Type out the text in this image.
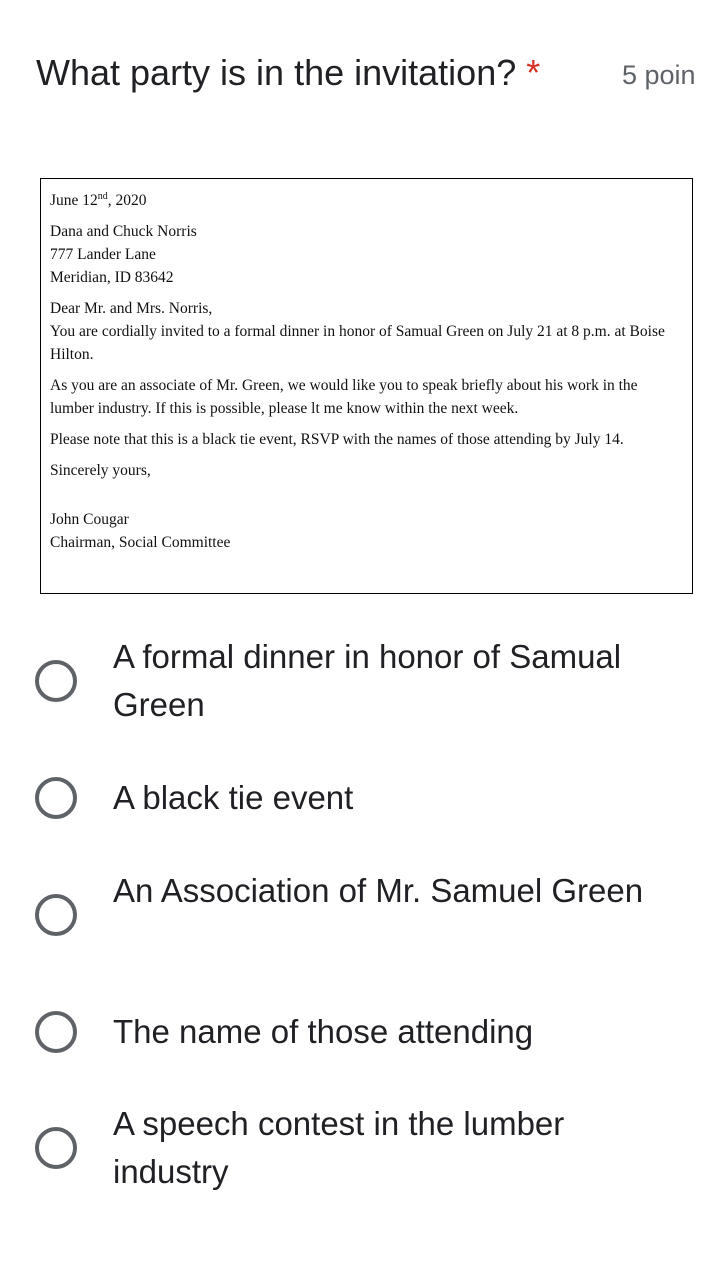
What party is in the invitation? *	5 poin

June 12nd, 2020

Dana and Chuck Norris
777 Lander Lane
Meridian, ID 83642

Dear Mr. and Mrs. Norris,
You are cordially invited to a formal dinner in honor of Samual Green on July 21 at 8 p.m. at Boise Hilton.

As you are an associate of Mr. Green, we would like you to speak briefly about his work in the lumber industry. If this is possible, please lt me know within the next week.

Please note that this is a black tie event, RSVP with the names of those attending by July 14.

Sincerely yours,

John Cougar
Chairman, Social Committee

A formal dinner in honor of Samual Green
A black tie event
An Association of Mr. Samuel Green
The name of those attending
A speech contest in the lumber industry
